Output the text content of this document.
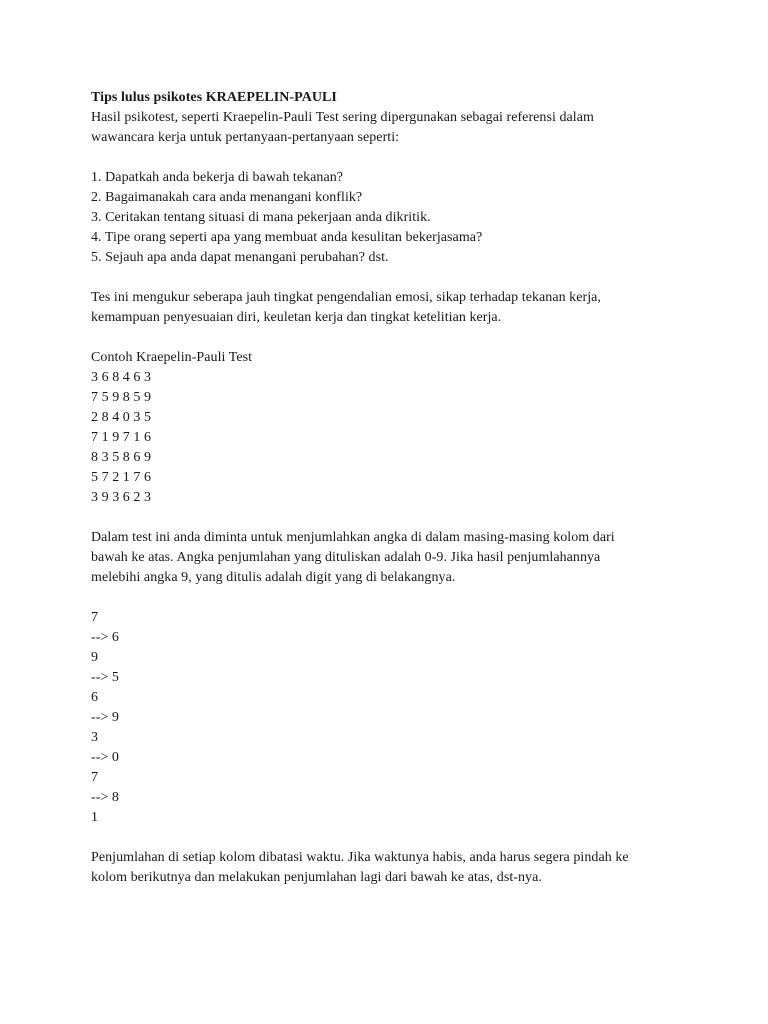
Tips lulus psikotes KRAEPELIN-PAULI
Hasil psikotest, seperti Kraepelin-Pauli Test sering dipergunakan sebagai referensi dalam
wawancara kerja untuk pertanyaan-pertanyaan seperti:
1. Dapatkah anda bekerja di bawah tekanan?
2. Bagaimanakah cara anda menangani konflik?
3. Ceritakan tentang situasi di mana pekerjaan anda dikritik.
4. Tipe orang seperti apa yang membuat anda kesulitan bekerjasama?
5. Sejauh apa anda dapat menangani perubahan? dst.
Tes ini mengukur seberapa jauh tingkat pengendalian emosi, sikap terhadap tekanan kerja,
kemampuan penyesuaian diri, keuletan kerja dan tingkat ketelitian kerja.
Contoh Kraepelin-Pauli Test
3 6 8 4 6 3
7 5 9 8 5 9
2 8 4 0 3 5
7 1 9 7 1 6
8 3 5 8 6 9
5 7 2 1 7 6
3 9 3 6 2 3
Dalam test ini anda diminta untuk menjumlahkan angka di dalam masing-masing kolom dari
bawah ke atas. Angka penjumlahan yang dituliskan adalah 0-9. Jika hasil penjumlahannya
melebihi angka 9, yang ditulis adalah digit yang di belakangnya.
7
--> 6
9
--> 5
6
--> 9
3
--> 0
7
--> 8
1
Penjumlahan di setiap kolom dibatasi waktu. Jika waktunya habis, anda harus segera pindah ke
kolom berikutnya dan melakukan penjumlahan lagi dari bawah ke atas, dst-nya.
